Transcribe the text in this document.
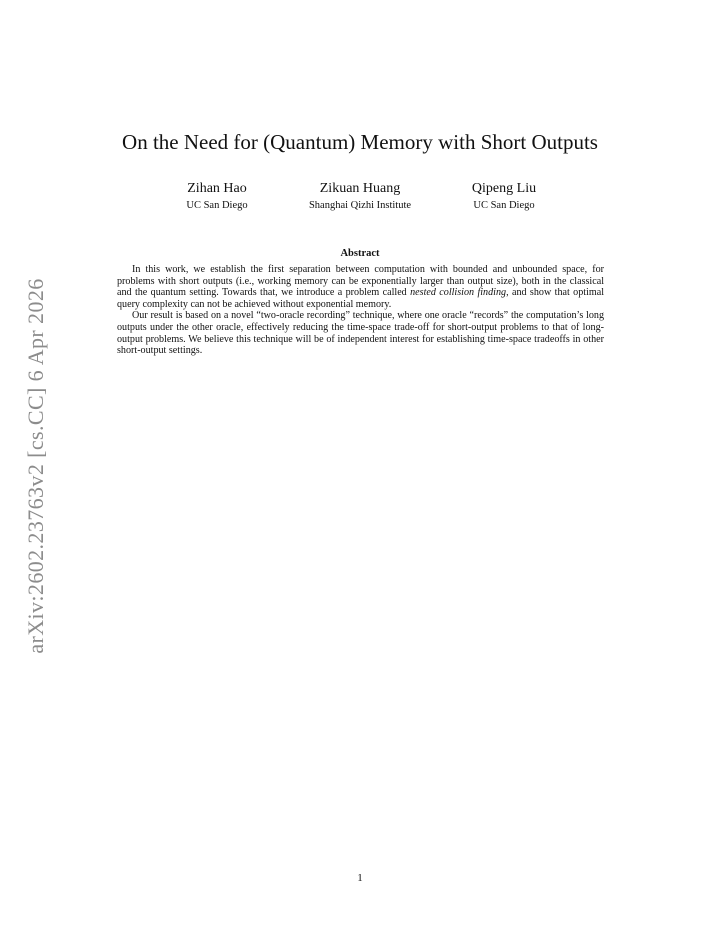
arXiv:2602.23763v2 [cs.CC] 6 Apr 2026
On the Need for (Quantum) Memory with Short Outputs
Zihan Hao
UC San Diego
Zikuan Huang
Shanghai Qizhi Institute
Qipeng Liu
UC San Diego
Abstract

In this work, we establish the first separation between computation with bounded and unbounded space, for problems with short outputs (i.e., working memory can be exponentially larger than output size), both in the classical and the quantum setting. Towards that, we introduce a problem called nested collision finding, and show that optimal query complexity can not be achieved without exponential memory.

Our result is based on a novel “two-oracle recording” technique, where one oracle “records” the computation’s long outputs under the other oracle, effectively reducing the time-space trade-off for short-output problems to that of long-output problems. We believe this technique will be of independent interest for establishing time-space tradeoffs in other short-output settings.

1
